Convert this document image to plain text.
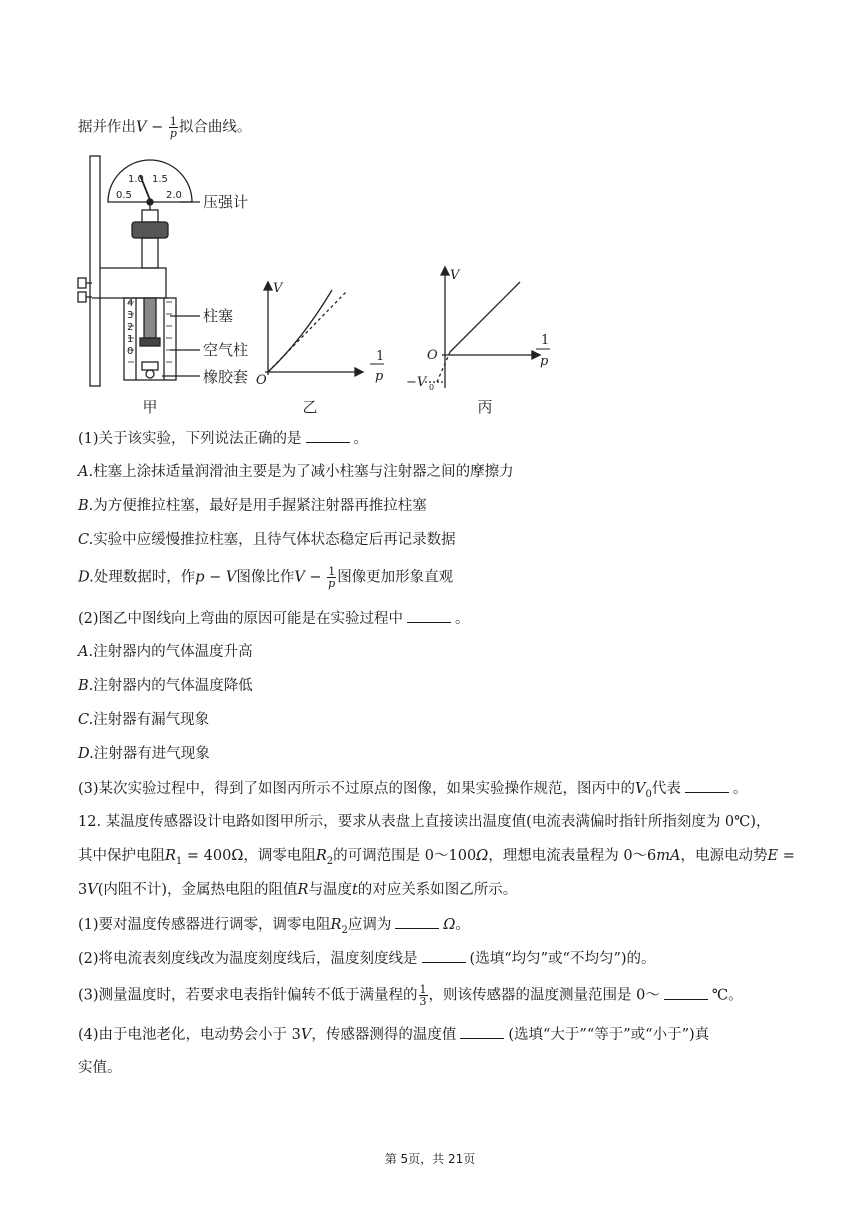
据并作出$V - \frac{1}{p}$ 拟合曲线。
0.5
1.0 1.5
2.0
4
3
2
1
0
压强计
柱塞
空气柱
橡胶套
甲	乙	丙
V
O
1
p
V
O
1
p
−V 0
(1)关于该实验，下列说法正确的是	。
A.柱塞上涂抹适量润滑油主要是为了减小柱塞与注射器之间的摩擦力
B.为方便推拉柱塞，最好是用手握紧注射器再推拉柱塞
C.实验中应缓慢推拉柱塞，且待气体状态稳定后再记录数据
D.处理数据时，作p − V图像比作$V - \frac{1}{p}$ 图像更加形象直观
(2)图乙中图线向上弯曲的原因可能是在实验过程中	。
A.注射器内的气体温度升高
B.注射器内的气体温度降低
C.注射器有漏气现象
D.注射器有进气现象
(3)某次实验过程中，得到了如图丙所示不过原点的图像，如果实验操作规范，图丙中的$V_0$代表	。
12. 某温度传感器设计电路如图甲所示，要求从表盘上直接读出温度值(电流表满偏时指针所指刻度为 0℃)，
其中保护电阻$R_1 = 400\Omega$，调零电阻$R_2$的可调范围是 0～100Ω，理想电流表量程为 0～6mA，电源电动势E =
3V(内阻不计)，金属热电阻的阻值R与温度t的对应关系如图乙所示。
(1)要对温度传感器进行调零，调零电阻$R_2$应调为	Ω。
(2)将电流表刻度线改为温度刻度线后，温度刻度线是	(选填“均匀”或“不均匀”)的。
(3)测量温度时，若要求电表指针偏转不低于满量程的 $\frac{1}{3}$ ，则该传感器的温度测量范围是 0～	℃。
(4)由于电池老化，电动势会小于 3V，传感器测得的温度值	(选填“大于”“等于”或“小于”)真
实值。
第 5页，共 21页
